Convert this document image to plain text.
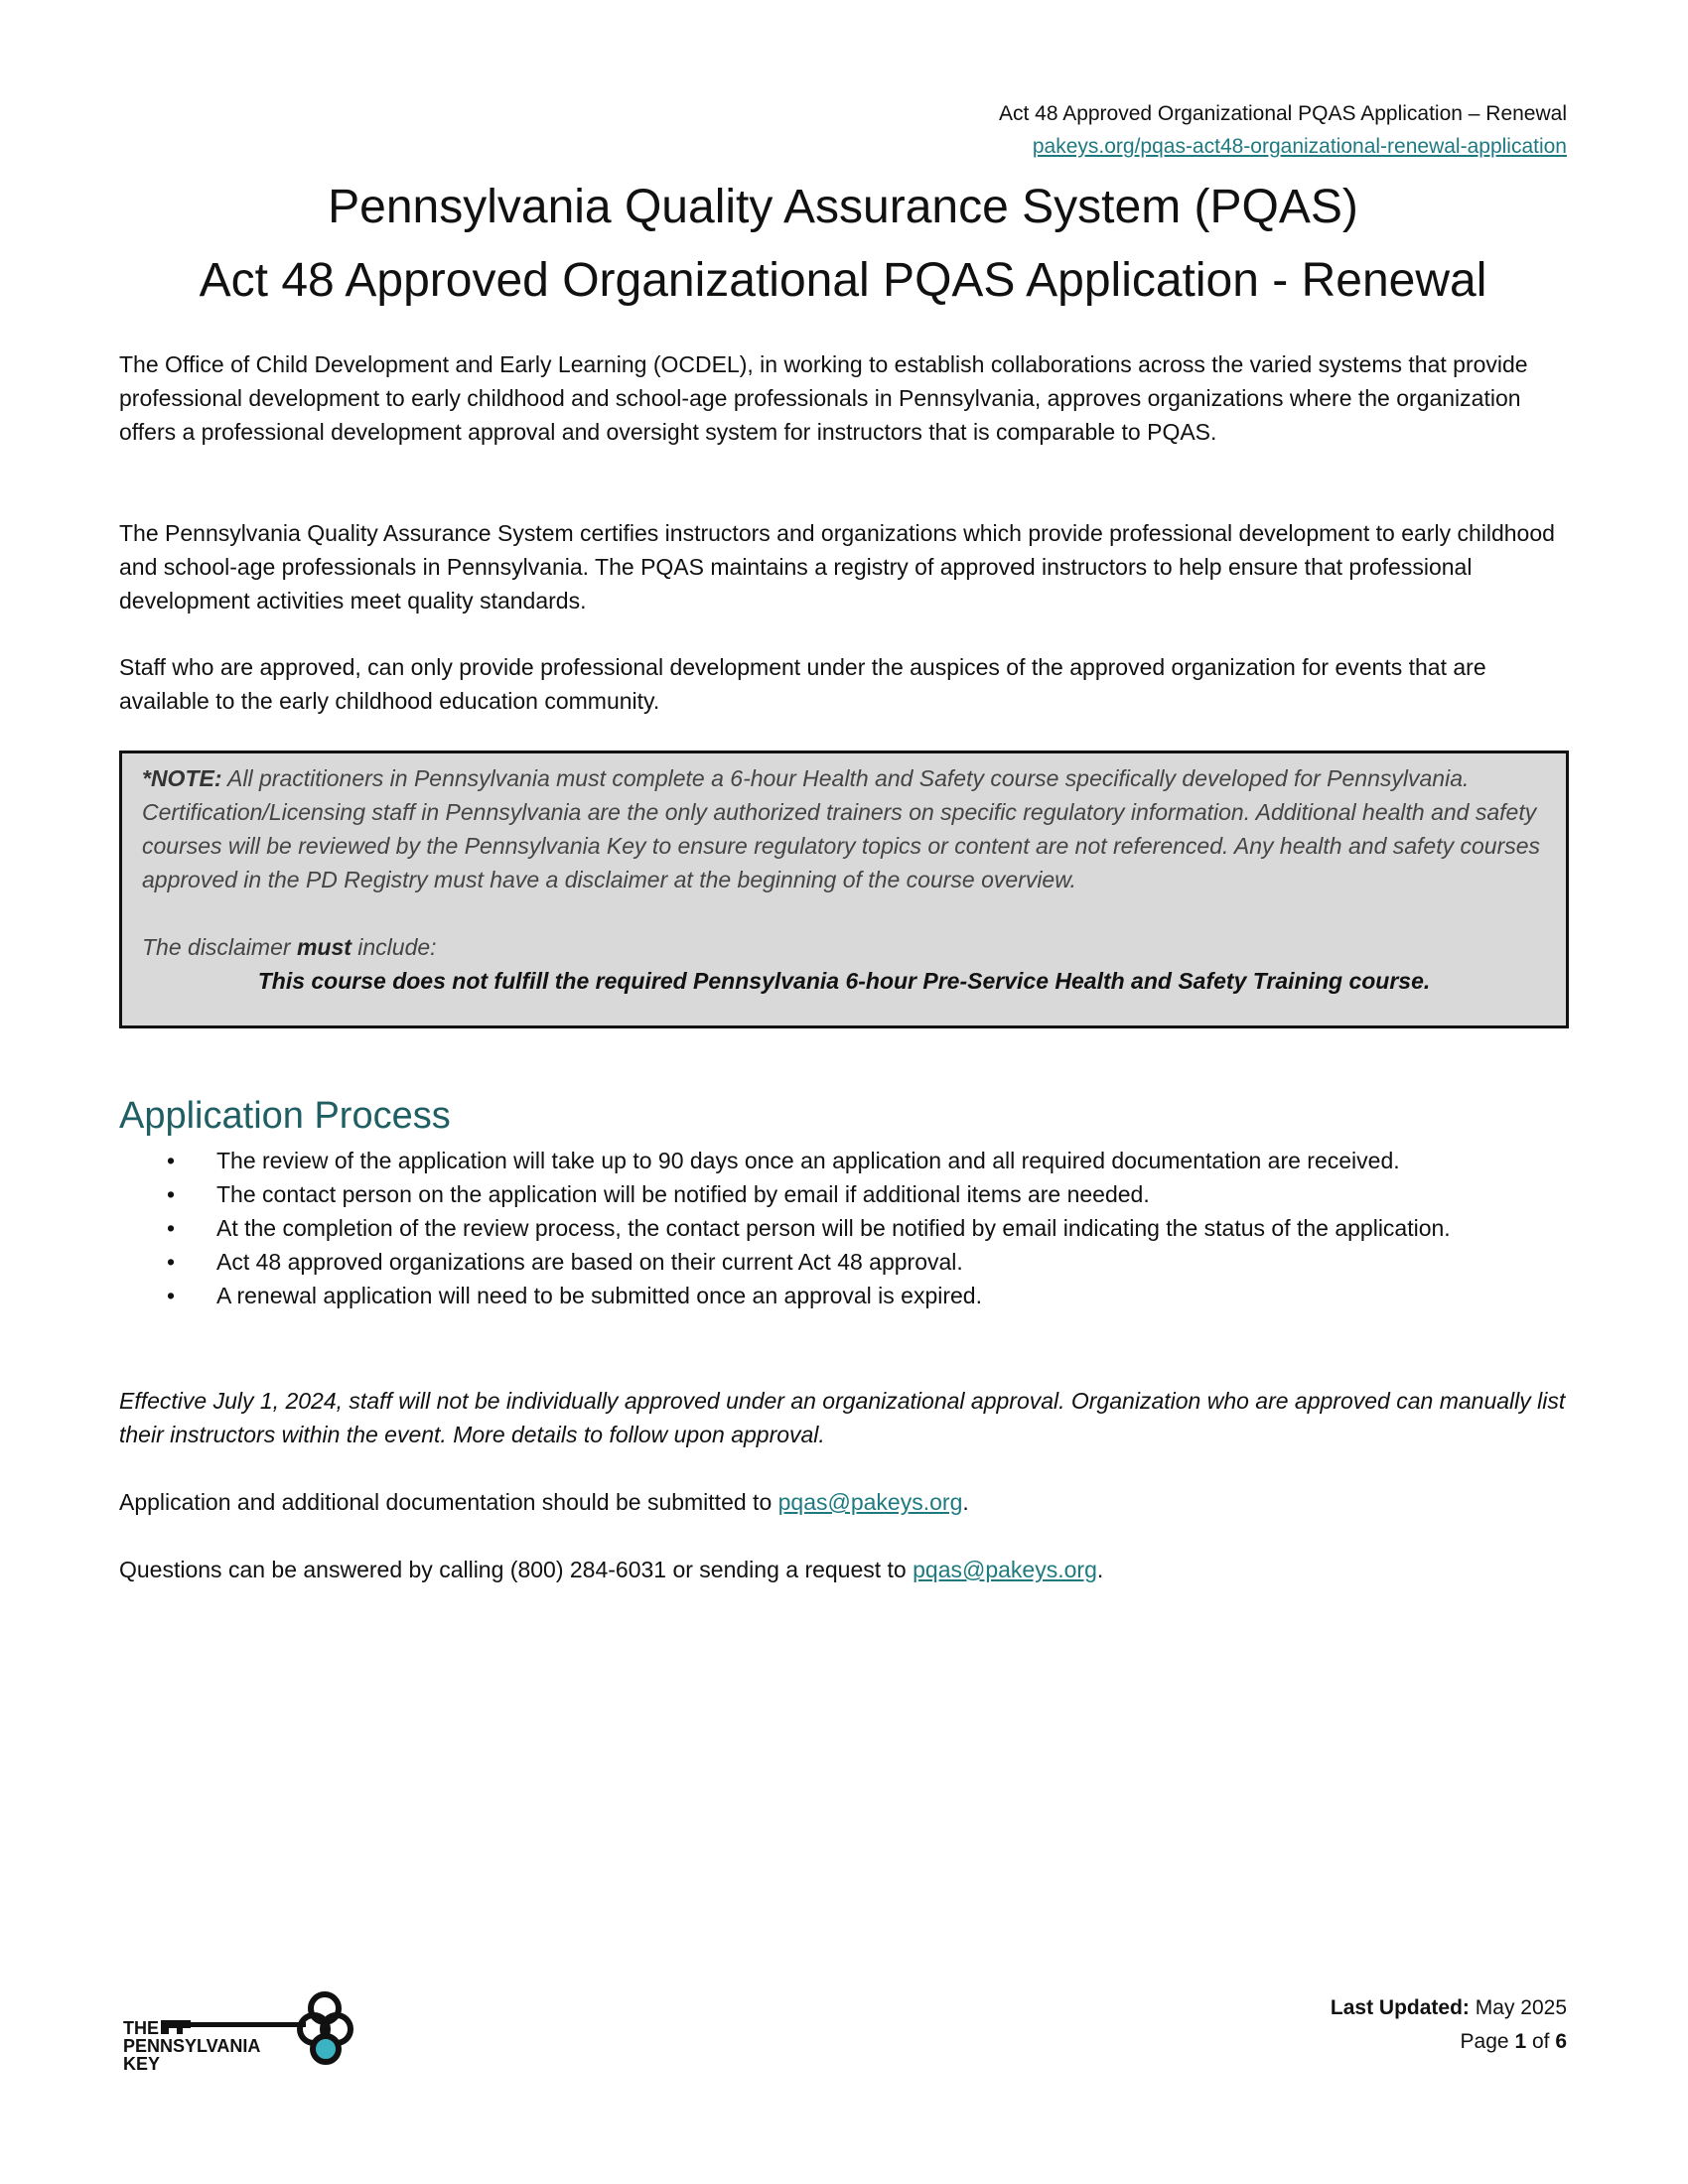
Act 48 Approved Organizational PQAS Application – Renewal
pakeys.org/pqas-act48-organizational-renewal-application
Pennsylvania Quality Assurance System (PQAS)
Act 48 Approved Organizational PQAS Application - Renewal
The Office of Child Development and Early Learning (OCDEL), in working to establish collaborations across the varied systems that provide professional development to early childhood and school-age professionals in Pennsylvania, approves organizations where the organization offers a professional development approval and oversight system for instructors that is comparable to PQAS.
The Pennsylvania Quality Assurance System certifies instructors and organizations which provide professional development to early childhood and school-age professionals in Pennsylvania. The PQAS maintains a registry of approved instructors to help ensure that professional development activities meet quality standards.
Staff who are approved, can only provide professional development under the auspices of the approved organization for events that are available to the early childhood education community.
*NOTE: All practitioners in Pennsylvania must complete a 6-hour Health and Safety course specifically developed for Pennsylvania. Certification/Licensing staff in Pennsylvania are the only authorized trainers on specific regulatory information. Additional health and safety courses will be reviewed by the Pennsylvania Key to ensure regulatory topics or content are not referenced. Any health and safety courses approved in the PD Registry must have a disclaimer at the beginning of the course overview.
The disclaimer must include:
This course does not fulfill the required Pennsylvania 6-hour Pre-Service Health and Safety Training course.
Application Process
• The review of the application will take up to 90 days once an application and all required documentation are received.
• The contact person on the application will be notified by email if additional items are needed.
• At the completion of the review process, the contact person will be notified by email indicating the status of the application.
• Act 48 approved organizations are based on their current Act 48 approval.
• A renewal application will need to be submitted once an approval is expired.
Effective July 1, 2024, staff will not be individually approved under an organizational approval. Organization who are approved can manually list their instructors within the event. More details to follow upon approval.
Application and additional documentation should be submitted to pqas@pakeys.org.
Questions can be answered by calling (800) 284-6031 or sending a request to pqas@pakeys.org.
THE
PENNSYLVANIA
KEY
Last Updated: May 2025
Page 1 of 6
